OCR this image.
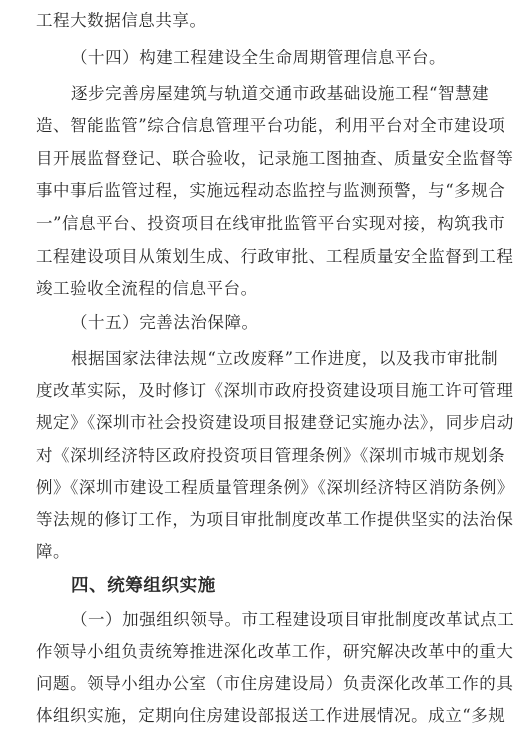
工程大数据信息共享。
（十四）构建工程建设全生命周期管理信息平台。
逐步完善房屋建筑与轨道交通市政基础设施工程“智慧建
造、智能监管”综合信息管理平台功能，利用平台对全市建设项
目开展监督登记、联合验收，记录施工图抽查、质量安全监督等
事中事后监管过程，实施远程动态监控与监测预警，与“多规合
一”信息平台、投资项目在线审批监管平台实现对接，构筑我市
工程建设项目从策划生成、行政审批、工程质量安全监督到工程
竣工验收全流程的信息平台。
（十五）完善法治保障。
根据国家法律法规“立改废释”工作进度，以及我市审批制
度改革实际，及时修订《深圳市政府投资建设项目施工许可管理
规定》《深圳市社会投资建设项目报建登记实施办法》，同步启动
对《深圳经济特区政府投资项目管理条例》《深圳市城市规划条
例》《深圳市建设工程质量管理条例》《深圳经济特区消防条例》
等法规的修订工作，为项目审批制度改革工作提供坚实的法治保
障。
四、统筹组织实施
（一）加强组织领导。市工程建设项目审批制度改革试点工
作领导小组负责统筹推进深化改革工作，研究解决改革中的重大
问题。领导小组办公室（市住房建设局）负责深化改革工作的具
体组织实施，定期向住房建设部报送工作进展情况。成立“多规
